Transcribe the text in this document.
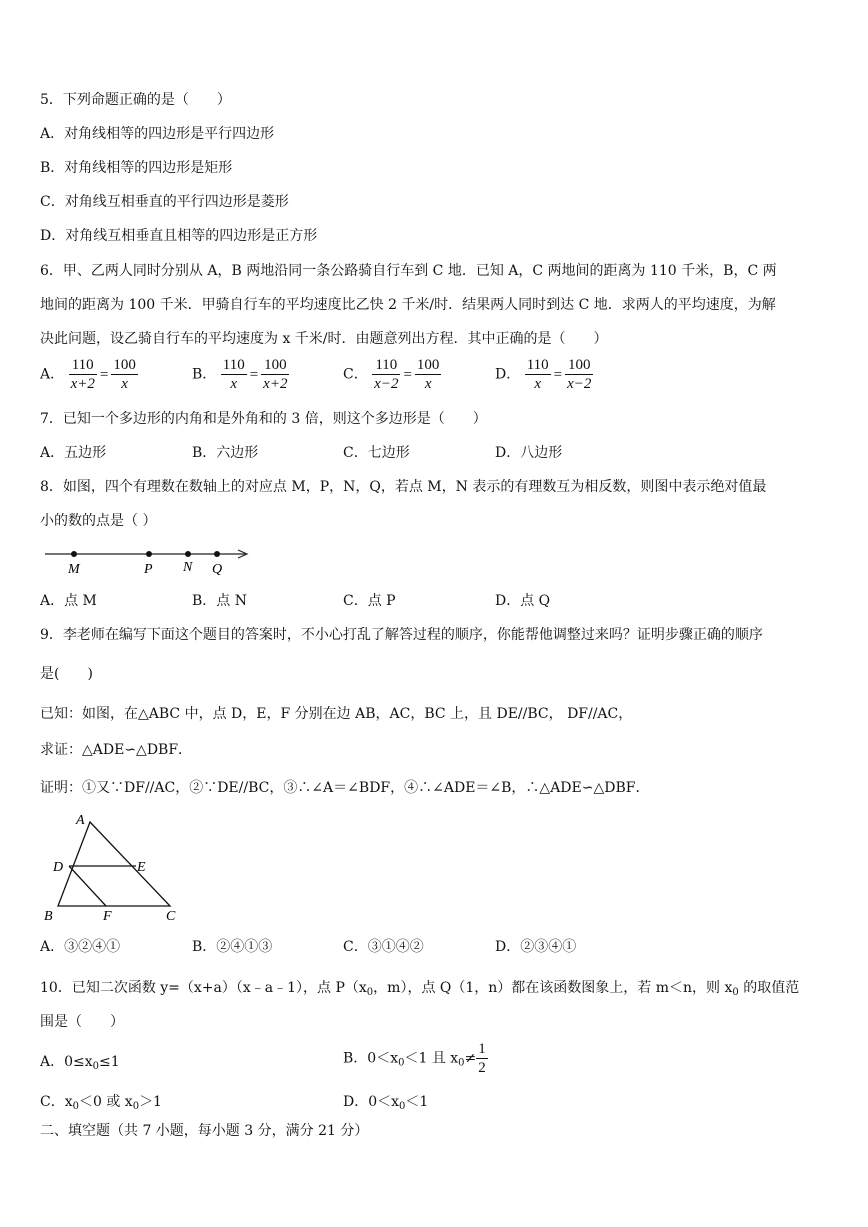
5．下列命题正确的是（　　）
A．对角线相等的四边形是平行四边形
B．对角线相等的四边形是矩形
C．对角线互相垂直的平行四边形是菱形
D．对角线互相垂直且相等的四边形是正方形
6．甲、乙两人同时分别从 A，B 两地沿同一条公路骑自行车到 C 地．已知 A，C 两地间的距离为 110 千米，B，C 两
地间的距离为 100 千米．甲骑自行车的平均速度比乙快 2 千米/时．结果两人同时到达 C 地．求两人的平均速度，为解
决此问题，设乙骑自行车的平均速度为 x 千米/时．由题意列出方程．其中正确的是（　　）
A． $\frac{110}{x+2} = \frac{100}{x}$	B． $\frac{110}{x} = \frac{100}{x+2}$	C． $\frac{110}{x-2} = \frac{100}{x}$	D． $\frac{110}{x} = \frac{100}{x-2}$
7．已知一个多边形的内角和是外角和的 3 倍，则这个多边形是（　　）
A．五边形	B．六边形	C．七边形	D．八边形
8．如图，四个有理数在数轴上的对应点 M，P，N，Q，若点 M，N 表示的有理数互为相反数，则图中表示绝对值最
小的数的点是（ ）
M	P N Q
A．点 M	B．点 N	C．点 P	D．点 Q
9．李老师在编写下面这个题目的答案时，不小心打乱了解答过程的顺序，你能帮他调整过来吗？证明步骤正确的顺序
是(　　)
已知：如图，在△ABC 中，点 D，E，F 分别在边 AB，AC，BC 上，且 DE//BC， DF//AC，
求证：△ADE∽△DBF．
证明：①又∵DF//AC，②∵DE//BC，③∴∠A＝∠BDF，④∴∠ADE＝∠B，∴△ADE∽△DBF．
A
D	E
B	F	C
A．③②④①	B．②④①③	C．③①④②	D．②③④①
10．已知二次函数 y=（x+a）（x﹣a﹣1），点 $P(x_0$，m），点 Q（1，n）都在该函数图象上，若 m＜n，则 $x_0$ 的取值范
围是（　　）
A．$0\le x_0\le 1$	B．$0<x_0<1$ 且 $x_0\ne \frac{1}{2}$
C．$x_0<0$ 或 $x_0>1$	D．$0<x_0<1$
二、填空题（共 7 小题，每小题 3 分，满分 21 分）
